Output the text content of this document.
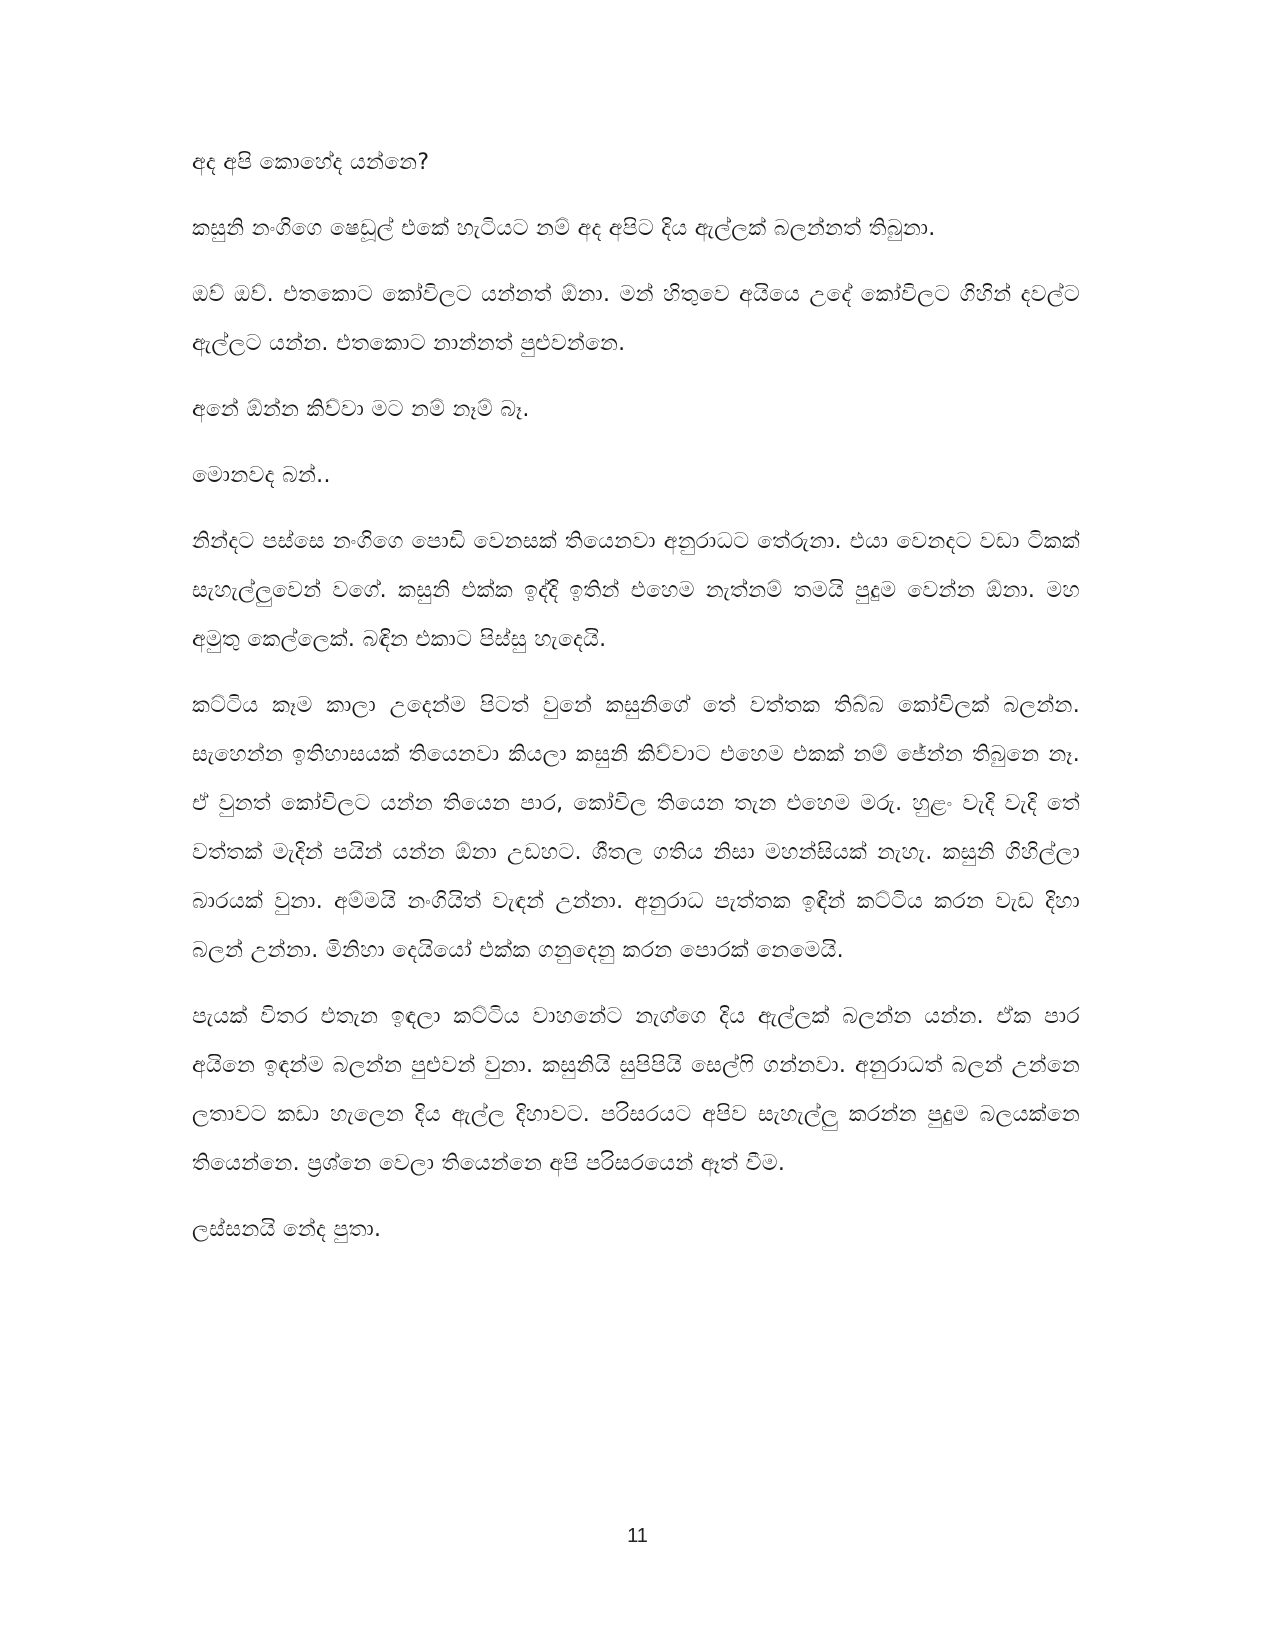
අද අපි කොහේද යන්නෙ?

කසුනි නංගිගෙ ෂෙඩූල් එකේ හැටියට නම් අද අපිට දිය ඇල්ලක් බලන්නත් තිබුනා.

ඔව් ඔව්. එතකොට කෝවිලට යන්නත් ඕනා. මන් හිතුවෙ අයියෙ උදේ කෝවිලට ගිහින් දවල්ට ඇල්ලට යන්න. එතකොට නාන්නත් පුළුවන්නෙ.

අනේ ඕන්න කිව්වා මට නම් නෑම් බෑ.

මොනවද බන්..

නින්දට පස්සෙ නංගිගෙ පොඩි වෙනසක් තියෙනවා අනුරාධට තේරුනා. එයා වෙනදට වඩා ටිකක් සැහැල්ලුවෙන් වගේ. කසුනි එක්ක ඉද්දි ඉතින් එහෙම නැත්නම් තමයි පුදුම වෙන්න ඕනා. මහ අමුතු කෙල්ලෙක්. බඳින එකාට පිස්සු හැදෙයි.

කට්ටිය කෑම කාලා උදෙන්ම පිටත් වුනේ කසුනිගේ තේ වත්තක තිබ්බ කෝවිලක් බලන්න. සැහෙන්න ඉතිහාසයක් තියෙනවා කියලා කසුනි කිව්වාට එහෙම එකක් නම් ජේන්න තිබුනෙ නෑ. ඒ වුනත් කෝවිලට යන්න තියෙන පාර, කෝවිල තියෙන තැන එහෙම මරු. හුළං වැදි වැදි තේ වත්තක් මැදින් පයින් යන්න ඕනා උඩහට. ශීතල ගතිය නිසා මහන්සියක් නැහැ. කසුනි ගිහිල්ලා බාරයක් වුනා. අම්මයි නංගියිත් වැඳන් උන්නා. අනුරාධ පැත්තක ඉඳින් කට්ටිය කරන වැඩ දිහා බලන් උන්නා. මිනිහා දෙයියෝ එක්ක ගනුදෙනු කරන පොරක් නෙමෙයි.

පැයක් විතර එතැන ඉඳලා කට්ටිය වාහනේට නැග්ගෙ දිය ඇල්ලක් බලන්න යන්න. ඒක පාර අයිනෙ ඉඳන්ම බලන්න පුළුවන් වුනා. කසුනියි සුපිපියි සෙල්ෆි ගන්නවා. අනුරාධත් බලන් උන්නෙ ලතාවට කඩා හැලෙන දිය ඇල්ල දිහාවට. පරිසරයට අපිව සැහැල්ලු කරන්න පුදුම බලයක්නෙ තියෙන්නෙ. ප්‍රශ්නෙ වෙලා තියෙන්නෙ අපි පරිසරයෙන් ඈත් වීම.

ලස්සනයි නේද පුතා.

11
